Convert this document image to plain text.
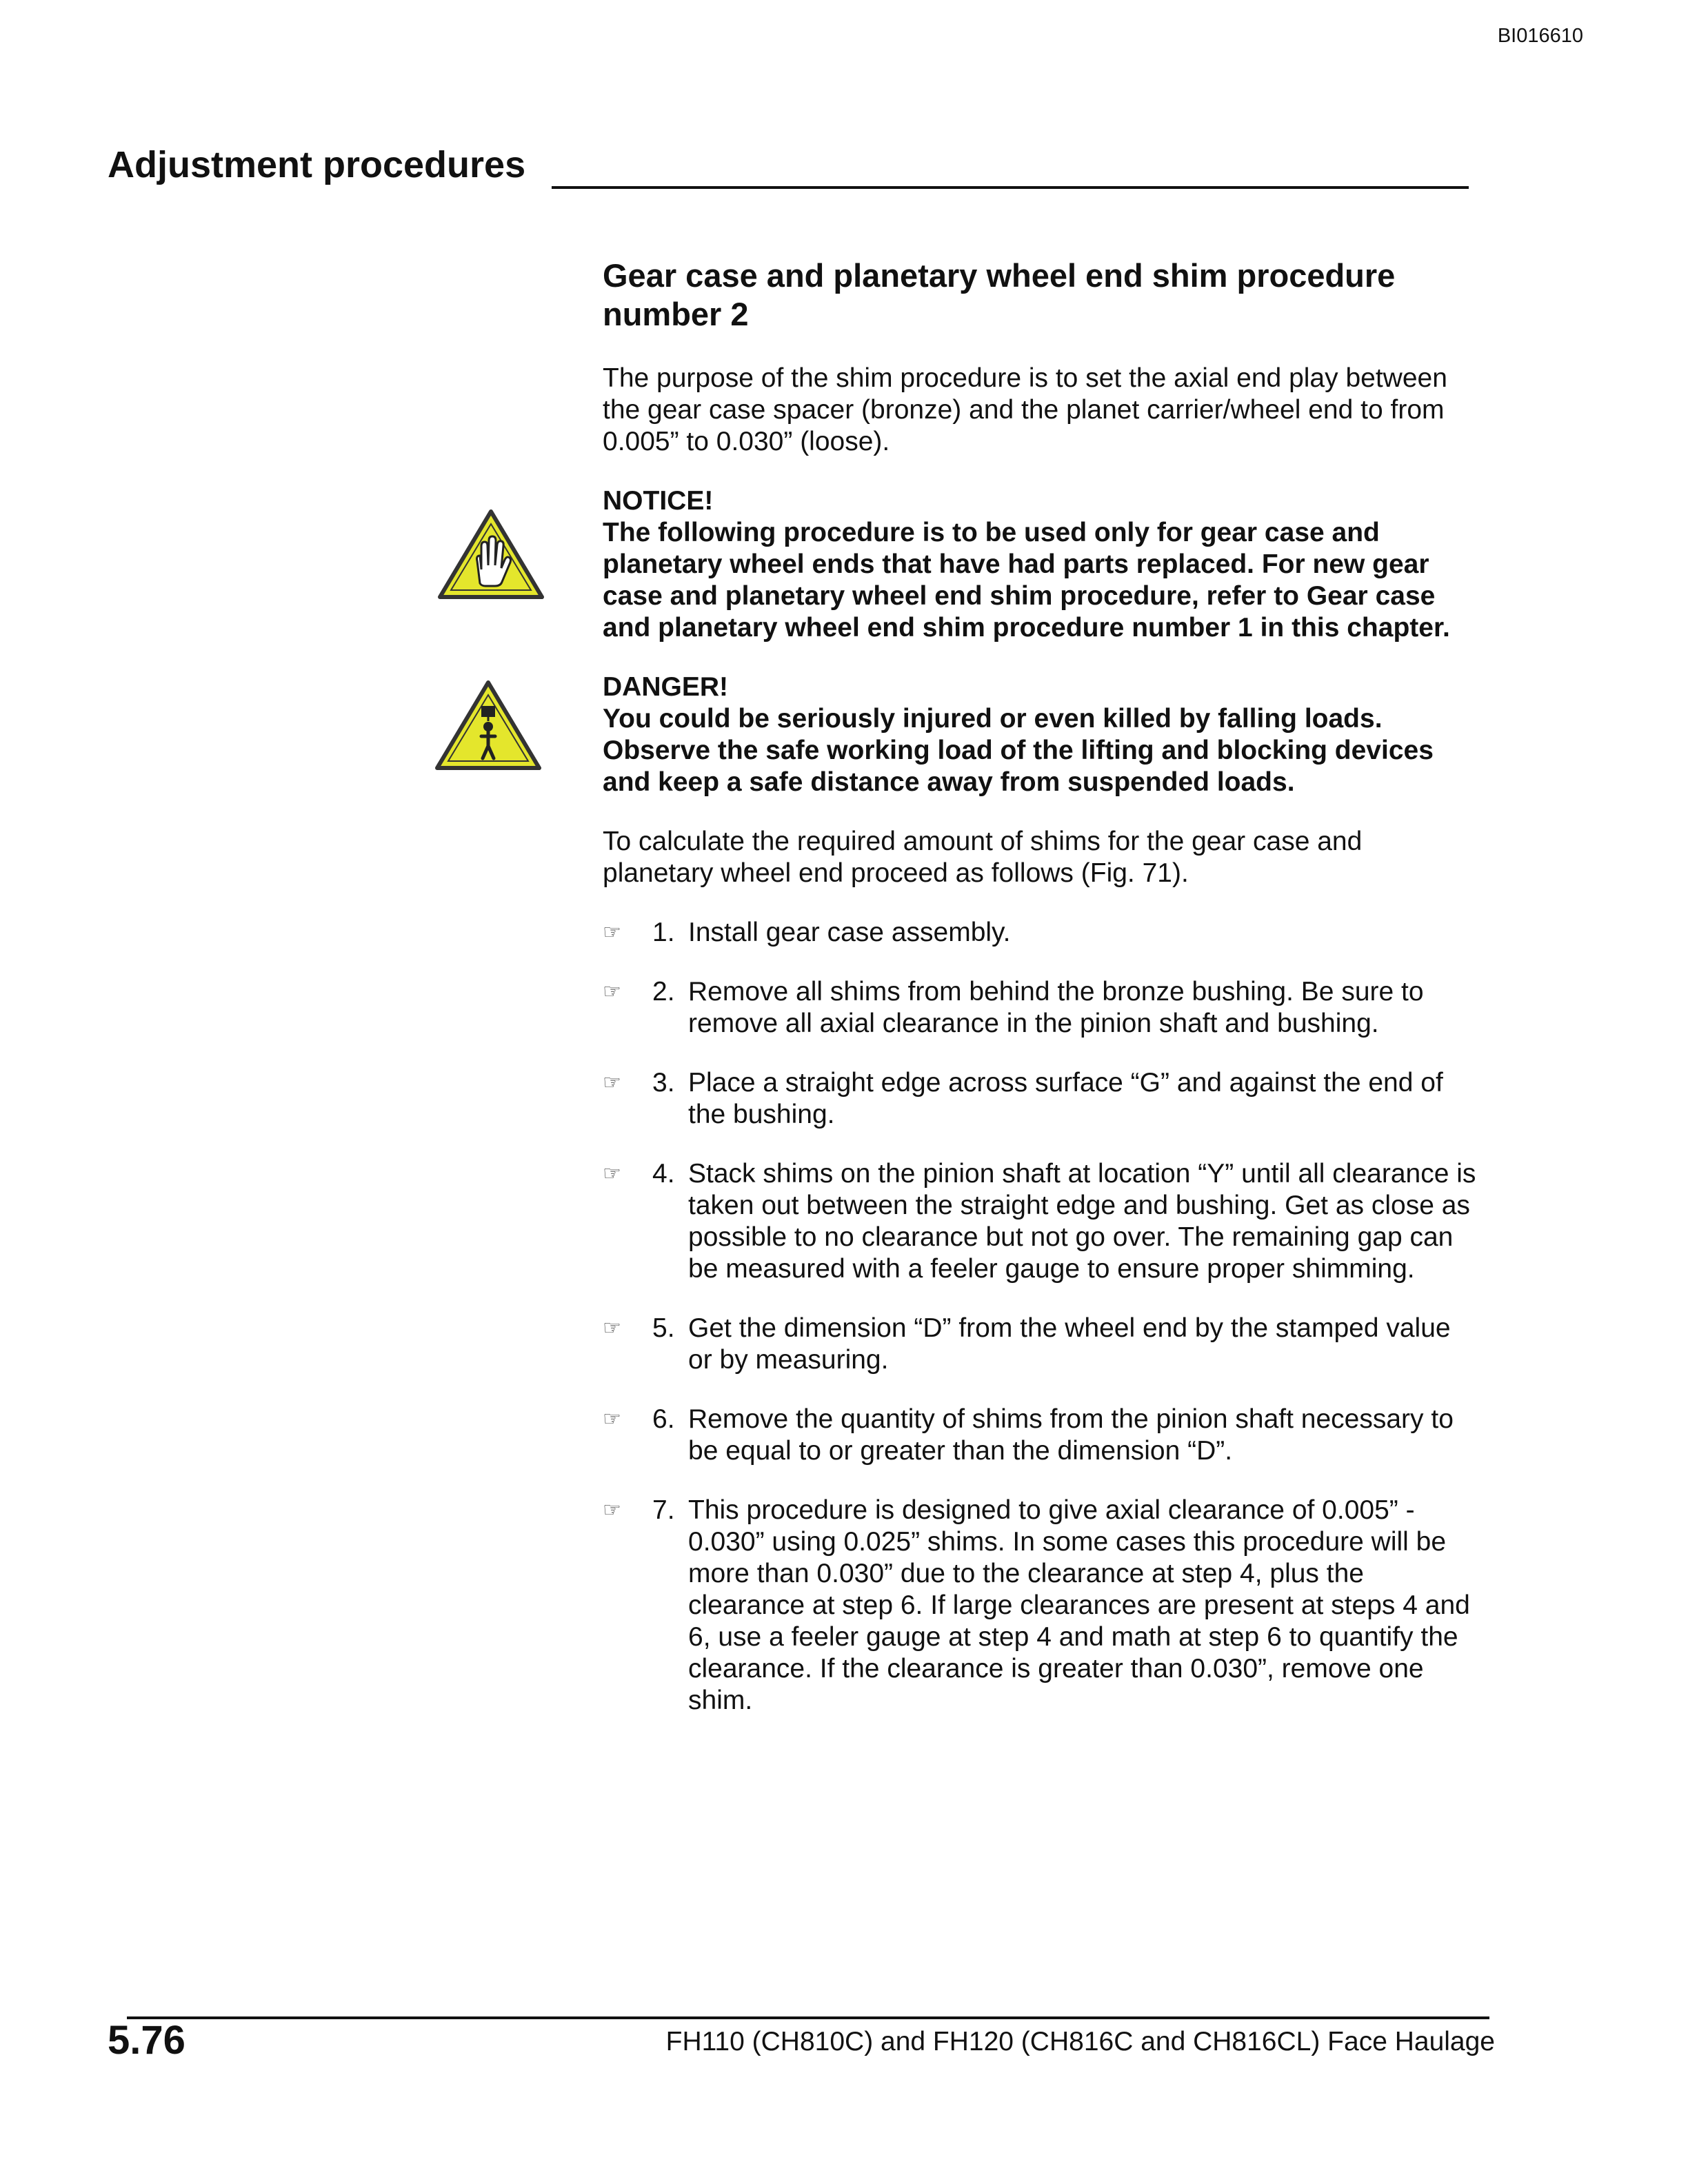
BI016610
Adjustment procedures
Gear case and planetary wheel end shim procedure number 2

The purpose of the shim procedure is to set the axial end play between the gear case spacer (bronze) and the planet carrier/wheel end to from 0.005” to 0.030” (loose).

NOTICE!
The following procedure is to be used only for gear case and planetary wheel ends that have had parts replaced. For new gear case and planetary wheel end shim procedure, refer to Gear case and planetary wheel end shim procedure number 1 in this chapter.
DANGER!
You could be seriously injured or even killed by falling loads. Observe the safe working load of the lifting and blocking devices and keep a safe distance away from suspended loads.

To calculate the required amount of shims for the gear case and planetary wheel end proceed as follows (Fig. 71).

☞ 1. Install gear case assembly.
☞ 2. Remove all shims from behind the bronze bushing. Be sure to remove all axial clearance in the pinion shaft and bushing.
☞ 3. Place a straight edge across surface “G” and against the end of the bushing.
☞ 4. Stack shims on the pinion shaft at location “Y” until all clearance is taken out between the straight edge and bushing. Get as close as possible to no clearance but not go over. The remaining gap can be measured with a feeler gauge to ensure proper shimming.
☞ 5. Get the dimension “D” from the wheel end by the stamped value or by measuring.
☞ 6. Remove the quantity of shims from the pinion shaft necessary to be equal to or greater than the dimension “D”.
☞ 7. This procedure is designed to give axial clearance of 0.005” - 0.030” using 0.025” shims. In some cases this procedure will be more than 0.030” due to the clearance at step 4, plus the clearance at step 6. If large clearances are present at steps 4 and 6, use a feeler gauge at step 4 and math at step 6 to quantify the clearance. If the clearance is greater than 0.030”, remove one shim.
5.76	FH110 (CH810C) and FH120 (CH816C and CH816CL) Face Haulage
